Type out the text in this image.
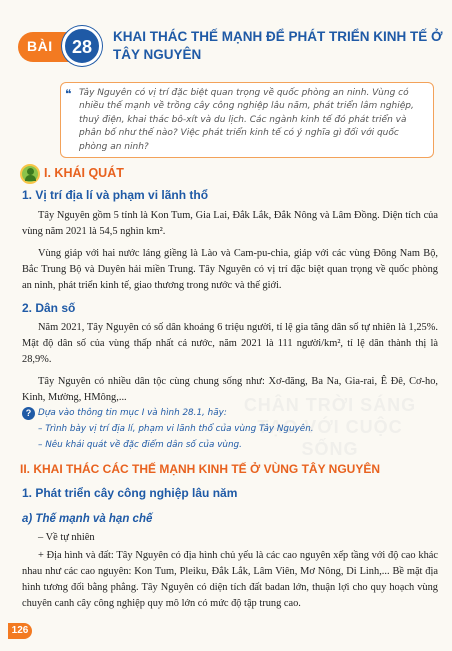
BÀI	28
KHAI THÁC THẾ MẠNH ĐỂ PHÁT TRIỂN KINH TẾ Ở TÂY NGUYÊN
❝ Tây Nguyên có vị trí đặc biệt quan trọng về quốc phòng an ninh. Vùng có nhiều thế mạnh về trồng cây công nghiệp lâu năm, phát triển lâm nghiệp, thuỷ điện, khai thác bô-xít và du lịch. Các ngành kinh tế đó phát triển và phân bố như thế nào? Việc phát triển kinh tế có ý nghĩa gì đối với quốc phòng an ninh?
I. KHÁI QUÁT
1. Vị trí địa lí và phạm vi lãnh thổ

Tây Nguyên gồm 5 tỉnh là Kon Tum, Gia Lai, Đắk Lắk, Đắk Nông và Lâm Đồng. Diện tích của vùng năm 2021 là 54,5 nghìn km².

Vùng giáp với hai nước láng giềng là Lào và Cam-pu-chia, giáp với các vùng Đông Nam Bộ, Bắc Trung Bộ và Duyên hải miền Trung. Tây Nguyên có vị trí đặc biệt quan trọng về quốc phòng an ninh, phát triển kinh tế, giao thương trong nước và thế giới.

2. Dân số

Năm 2021, Tây Nguyên có số dân khoảng 6 triệu người, tỉ lệ gia tăng dân số tự nhiên là 1,25%. Mật độ dân số của vùng thấp nhất cả nước, năm 2021 là 111 người/km², tỉ lệ dân thành thị là 28,9%.

Tây Nguyên có nhiều dân tộc cùng chung sống như: Xơ-đăng, Ba Na, Gia-rai, Ê Đê, Cơ-ho, Kinh, Mường, HMông,...	CHÂN TRỜI SÁNG TẠO VỚI CUỘC SỐNG
? Dựa vào thông tin mục I và hình 28.1, hãy:
– Trình bày vị trí địa lí, phạm vi lãnh thổ của vùng Tây Nguyên.
– Nêu khái quát về đặc điểm dân số của vùng.
II. KHAI THÁC CÁC THẾ MẠNH KINH TẾ Ở VÙNG TÂY NGUYÊN
1. Phát triển cây công nghiệp lâu năm
a) Thế mạnh và hạn chế
– Về tự nhiên

+ Địa hình và đất: Tây Nguyên có địa hình chủ yếu là các cao nguyên xếp tầng với độ cao khác nhau như các cao nguyên: Kon Tum, Pleiku, Đắk Lắk, Lâm Viên, Mơ Nông, Di Linh,... Bề mặt địa hình tương đối bằng phẳng. Tây Nguyên có diện tích đất badan lớn, thuận lợi cho quy hoạch vùng chuyên canh cây công nghiệp quy mô lớn có mức độ tập trung cao.

126
